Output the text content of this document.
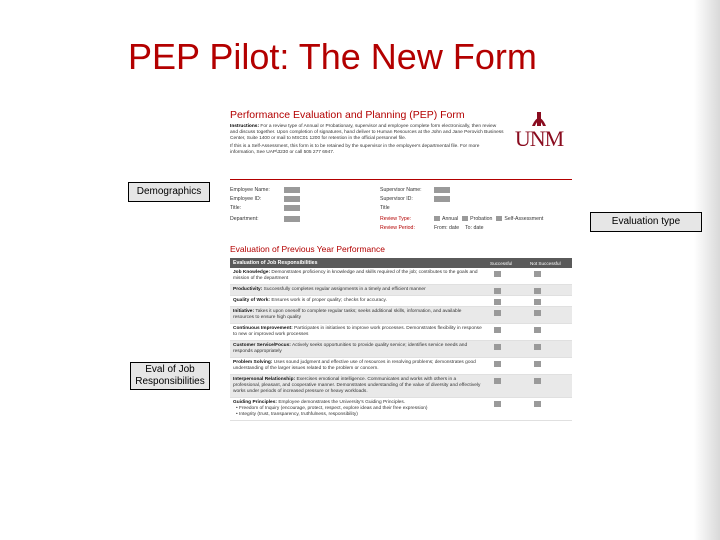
PEP Pilot: The New Form
Demographics
Evaluation type
Eval of Job
Responsibilities
Performance Evaluation and Planning (PEP) Form
Instructions: For a review type of Annual or Probationary, supervisor and employee complete form electronically, then review and discuss together. Upon completion of signatures, hand deliver to Human Resources at the John and Jane Perovich Business Center, Suite 1400 or mail to MSC01 1200 for retention in the official personnel file.
If this is a Self-Assessment, this form is to be retained by the supervisor in the employee's departmental file. For more information, See UAP\3230 or call 505 277 6947.
UNM
Employee Name:
Employee ID:
Title:
Department:
Supervisor Name:
Supervisor ID:
Title
Review Type:	Annual Probation Self-Assessment
Review Period:	From: date To: date
Evaluation of Previous Year Performance
Evaluation of Job Responsibilities	Successful	Not Successful
Job Knowledge: Demonstrates proficiency in knowledge and skills required of the job; contributes to the goals and mission of the department
Productivity: Successfully completes regular assignments in a timely and efficient manner
Quality of Work: Ensures work is of proper quality; checks for accuracy.
Initiative: Takes it upon oneself to complete regular tasks; seeks additional skills, information, and available resources to ensure high quality
Continuous Improvement: Participates in initiatives to improve work processes. Demonstrates flexibility in response to new or improved work processes
Customer Service/Focus: Actively seeks opportunities to provide quality service; identifies service needs and responds appropriately
Problem Solving: Uses sound judgment and effective use of resources in resolving problems; demonstrates good understanding of the larger issues related to the problem or concern.
Interpersonal Relationship: Exercises emotional intelligence. Communicates and works with others in a professional, pleasant, and cooperative manner. Demonstrates understanding of the value of diversity and effectively works under periods of increased pressure or heavy workloads.
Guiding Principles: Employee demonstrates the University's Guiding Principles.
• Freedom of Inquiry (encourage, protect, respect, explore ideas and their free expression)
• Integrity (trust, transparency, truthfulness, responsibility)
